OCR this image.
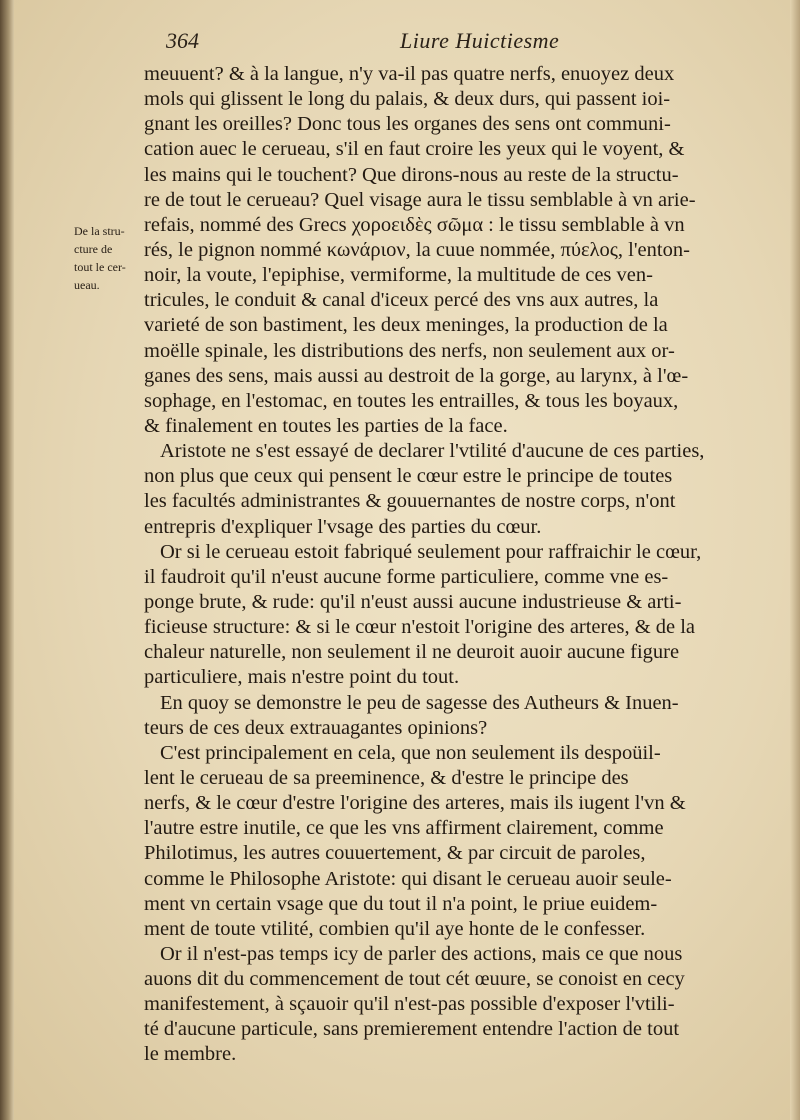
364	Liure Huictiesme
De la stru-
cture de
tout le cer-
ueau.
meuuent? & à la langue, n'y va-il pas quatre nerfs, enuoyez deux
mols qui glissent le long du palais, & deux durs, qui passent ioi-
gnant les oreilles? Donc tous les organes des sens ont communi-
cation auec le cerueau, s'il en faut croire les yeux qui le voyent, &
les mains qui le touchent? Que dirons-nous au reste de la structu-
re de tout le cerueau? Quel visage aura le tissu semblable à vn arie-
refais, nommé des Grecs χοροειδὲς σῶμα : le tissu semblable à vn
rés, le pignon nommé κωνάριον, la cuue nommée, πύελος, l'enton-
noir, la voute, l'epiphise, vermiforme, la multitude de ces ven-
tricules, le conduit & canal d'iceux percé des vns aux autres, la
varieté de son bastiment, les deux meninges, la production de la
moëlle spinale, les distributions des nerfs, non seulement aux or-
ganes des sens, mais aussi au destroit de la gorge, au larynx, à l'œ-
sophage, en l'estomac, en toutes les entrailles, & tous les boyaux,
& finalement en toutes les parties de la face.
Aristote ne s'est essayé de declarer l'vtilité d'aucune de ces parties,
non plus que ceux qui pensent le cœur estre le principe de toutes
les facultés administrantes & gouuernantes de nostre corps, n'ont
entrepris d'expliquer l'vsage des parties du cœur.
Or si le cerueau estoit fabriqué seulement pour raffraichir le cœur,
il faudroit qu'il n'eust aucune forme particuliere, comme vne es-
ponge brute, & rude: qu'il n'eust aussi aucune industrieuse & arti-
ficieuse structure: & si le cœur n'estoit l'origine des arteres, & de la
chaleur naturelle, non seulement il ne deuroit auoir aucune figure
particuliere, mais n'estre point du tout.
En quoy se demonstre le peu de sagesse des Autheurs & Inuen-
teurs de ces deux extrauagantes opinions?
C'est principalement en cela, que non seulement ils despoüil-
lent le cerueau de sa preeminence, & d'estre le principe des
nerfs, & le cœur d'estre l'origine des arteres, mais ils iugent l'vn &
l'autre estre inutile, ce que les vns affirment clairement, comme
Philotimus, les autres couuertement, & par circuit de paroles,
comme le Philosophe Aristote: qui disant le cerueau auoir seule-
ment vn certain vsage que du tout il n'a point, le priue euidem-
ment de toute vtilité, combien qu'il aye honte de le confesser.
Or il n'est-pas temps icy de parler des actions, mais ce que nous
auons dit du commencement de tout cét œuure, se conoist en cecy
manifestement, à sçauoir qu'il n'est-pas possible d'exposer l'vtili-
té d'aucune particule, sans premierement entendre l'action de tout
le membre.
